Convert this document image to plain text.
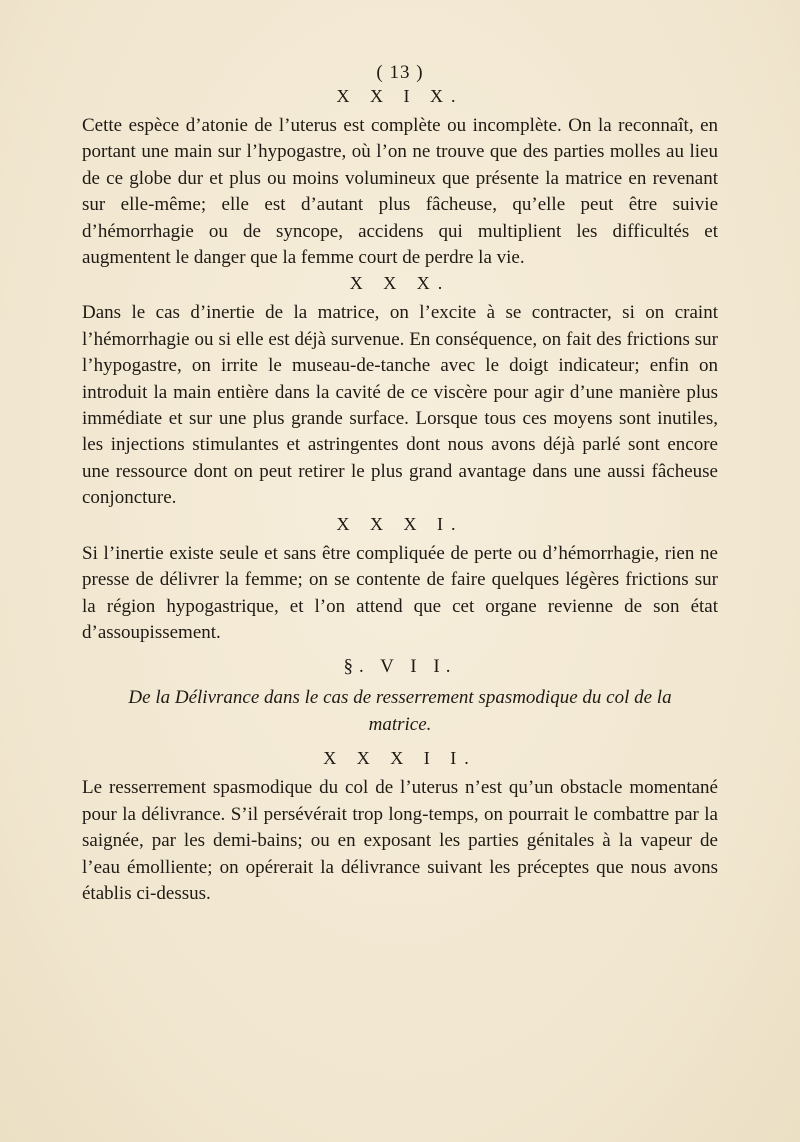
( 13 )
X X I X.

Cette espèce d’atonie de l’uterus est complète ou incomplète. On la reconnaît, en portant une main sur l’hypogastre, où l’on ne trouve que des parties molles au lieu de ce globe dur et plus ou moins volumineux que présente la matrice en revenant sur elle-même; elle est d’autant plus fâcheuse, qu’elle peut être suivie d’hémorrhagie ou de syncope, accidens qui multiplient les difficultés et augmentent le danger que la femme court de perdre la vie.

X X X.

Dans le cas d’inertie de la matrice, on l’excite à se contracter, si on craint l’hémorrhagie ou si elle est déjà survenue. En conséquence, on fait des frictions sur l’hypogastre, on irrite le museau-de-tanche avec le doigt indicateur; enfin on introduit la main entière dans la cavité de ce viscère pour agir d’une manière plus immédiate et sur une plus grande surface. Lorsque tous ces moyens sont inutiles, les injections stimulantes et astringentes dont nous avons déjà parlé sont encore une ressource dont on peut retirer le plus grand avantage dans une aussi fâcheuse conjoncture.

X X X I.

Si l’inertie existe seule et sans être compliquée de perte ou d’hémorrhagie, rien ne presse de délivrer la femme; on se contente de faire quelques légères frictions sur la région hypogastrique, et l’on attend que cet organe revienne de son état d’assoupissement.

§. V I I.
De la Délivrance dans le cas de resserrement spasmodique du col de la matrice.
X X X I I.

Le resserrement spasmodique du col de l’uterus n’est qu’un obstacle momentané pour la délivrance. S’il persévérait trop long-temps, on pourrait le combattre par la saignée, par les demi-bains; ou en exposant les parties génitales à la vapeur de l’eau émolliente; on opérerait la délivrance suivant les préceptes que nous avons établis ci-dessus.
